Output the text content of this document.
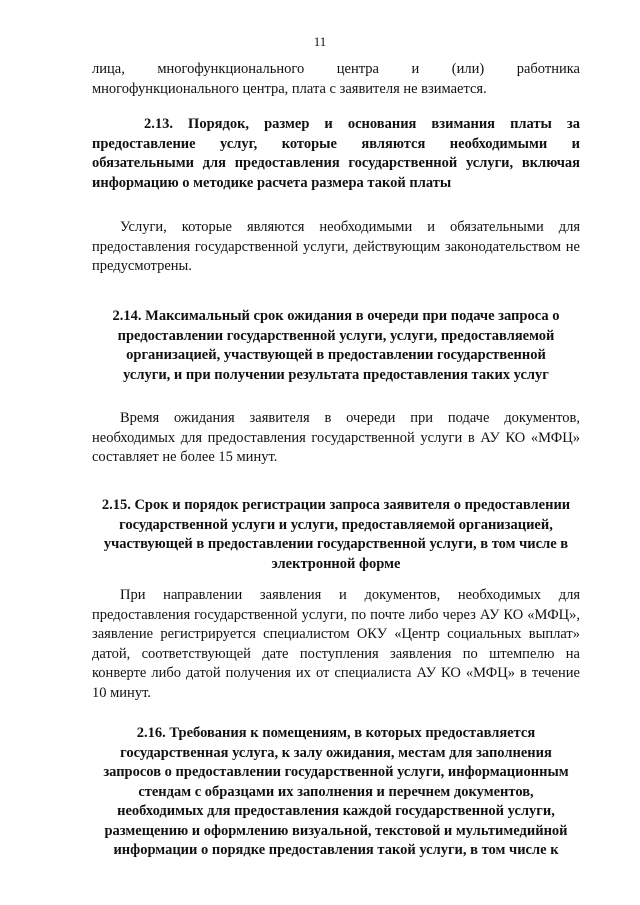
11
лица, многофункционального центра и (или) работника
многофункционального центра, плата с заявителя не взимается.
2.13. Порядок, размер и основания взимания платы за предоставление услуг, которые являются необходимыми и обязательными для предоставления государственной услуги, включая информацию о методике расчета размера такой платы
Услуги, которые являются необходимыми и обязательными для предоставления государственной услуги, действующим законодательством не предусмотрены.
2.14. Максимальный срок ожидания в очереди при подаче запроса о
предоставлении государственной услуги, услуги, предоставляемой
организацией, участвующей в предоставлении государственной
услуги, и при получении результата предоставления таких услуг
Время ожидания заявителя в очереди при подаче документов, необходимых для предоставления государственной услуги в АУ КО «МФЦ» составляет не более 15 минут.
2.15. Срок и порядок регистрации запроса заявителя о предоставлении
государственной услуги и услуги, предоставляемой организацией,
участвующей в предоставлении государственной услуги, в том числе в
электронной форме
При направлении заявления и документов, необходимых для предоставления государственной услуги, по почте либо через АУ КО «МФЦ», заявление регистрируется специалистом ОКУ «Центр социальных выплат» датой, соответствующей дате поступления заявления по штемпелю на конверте либо датой получения их от специалиста АУ КО «МФЦ» в течение 10 минут.
2.16. Требования к помещениям, в которых предоставляется
государственная услуга, к залу ожидания, местам для заполнения
запросов о предоставлении государственной услуги, информационным
стендам с образцами их заполнения и перечнем документов,
необходимых для предоставления каждой государственной услуги,
размещению и оформлению визуальной, текстовой и мультимедийной
информации о порядке предоставления такой услуги, в том числе к
